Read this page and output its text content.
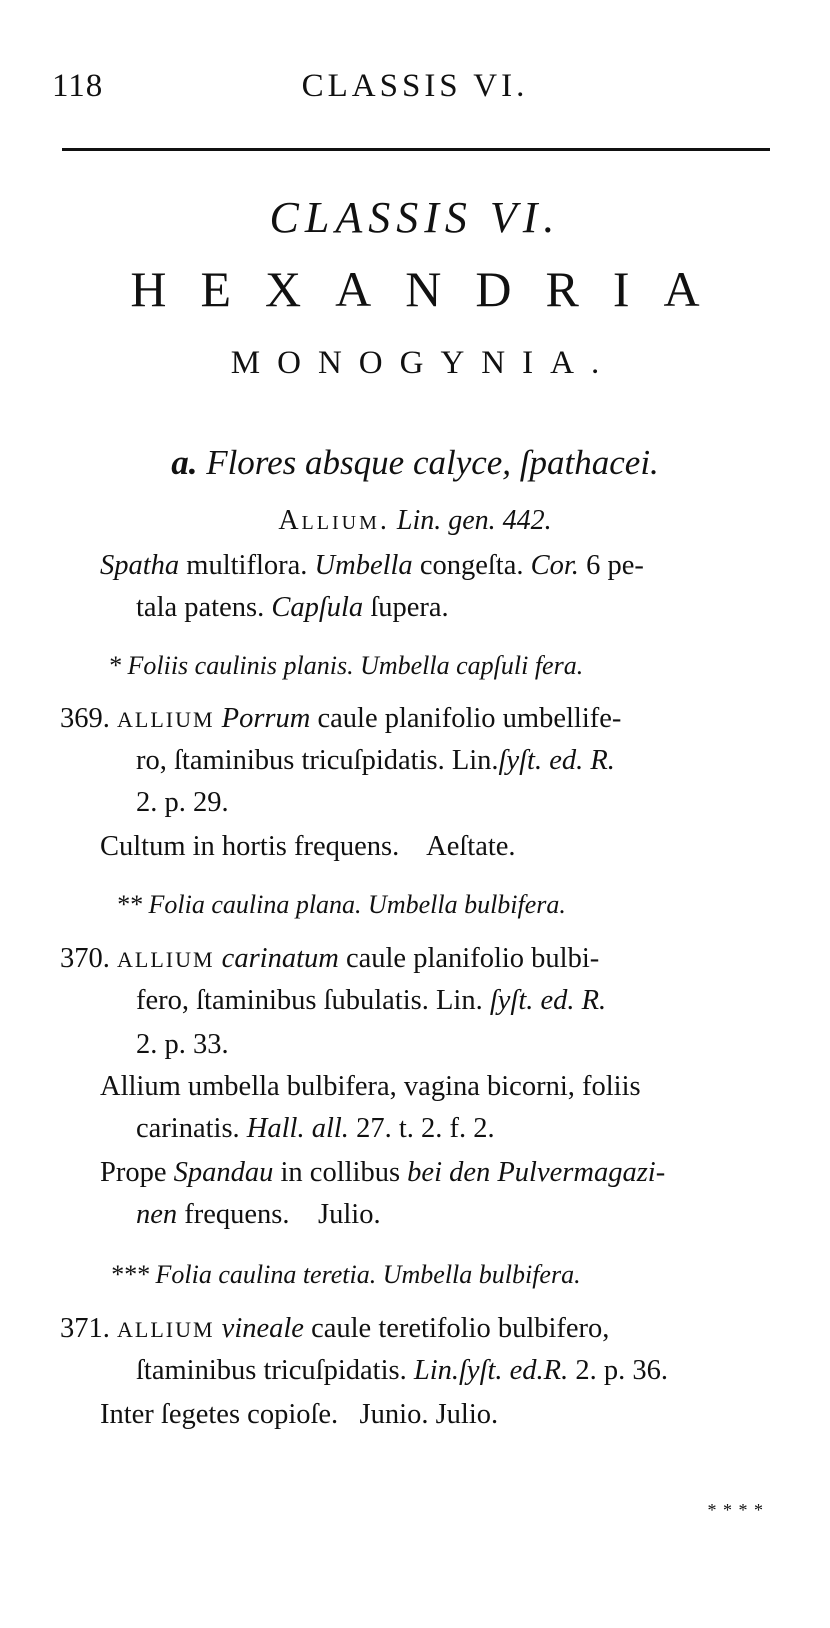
118	CLASSIS VI.
CLASSIS VI.
HEXANDRIA
MONOGYNIA.
a. Flores absque calyce, ſpathacei.
Allium. Lin. gen. 442.
Spatha multiflora. Umbella congeſta. Cor. 6 pe-
tala patens. Capſula ſupera.
* Foliis caulinis planis. Umbella capſuli fera.
369. ALLIUM Porrum caule planifolio umbellife-
ro, ſtaminibus tricuſpidatis. Lin.ſyſt. ed. R.
2. p. 29.
Cultum in hortis frequens.    Aeſtate.
** Folia caulina plana. Umbella bulbifera.
370. ALLIUM carinatum caule planifolio bulbi-
fero, ſtaminibus ſubulatis. Lin. ſyſt. ed. R.
2. p. 33.
Allium umbella bulbifera, vagina bicorni, foliis
carinatis. Hall. all. 27. t. 2. f. 2.
Prope Spandau in collibus bei den Pulvermagazi-
nen frequens.    Julio.
*** Folia caulina teretia. Umbella bulbifera.
371. ALLIUM vineale caule teretifolio bulbifero,
ſtaminibus tricuſpidatis. Lin.ſyſt. ed.R. 2. p. 36.
Inter ſegetes copioſe.   Junio. Julio.
* * * *
